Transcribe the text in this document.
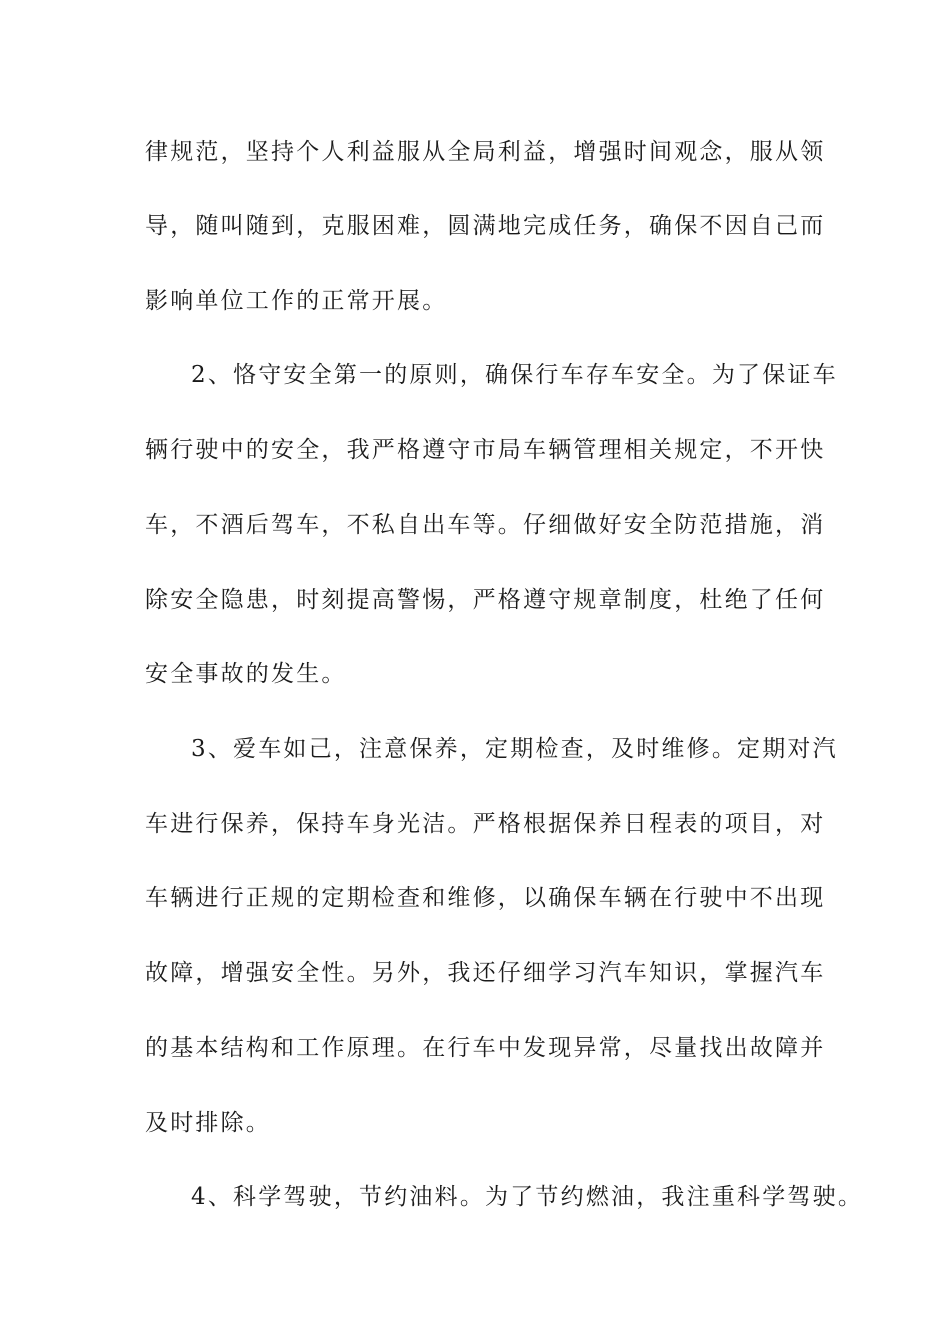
律规范，坚持个人利益服从全局利益，增强时间观念，服从领
导，随叫随到，克服困难，圆满地完成任务，确保不因自己而
影响单位工作的正常开展。
2、恪守安全第一的原则，确保行车存车安全。为了保证车
辆行驶中的安全，我严格遵守市局车辆管理相关规定，不开快
车，不酒后驾车，不私自出车等。仔细做好安全防范措施，消
除安全隐患，时刻提高警惕，严格遵守规章制度，杜绝了任何
安全事故的发生。
3、爱车如己，注意保养，定期检查，及时维修。定期对汽
车进行保养，保持车身光洁。严格根据保养日程表的项目，对
车辆进行正规的定期检查和维修，以确保车辆在行驶中不出现
故障，增强安全性。另外，我还仔细学习汽车知识，掌握汽车
的基本结构和工作原理。在行车中发现异常，尽量找出故障并
及时排除。
4、科学驾驶，节约油料。为了节约燃油，我注重科学驾驶。
